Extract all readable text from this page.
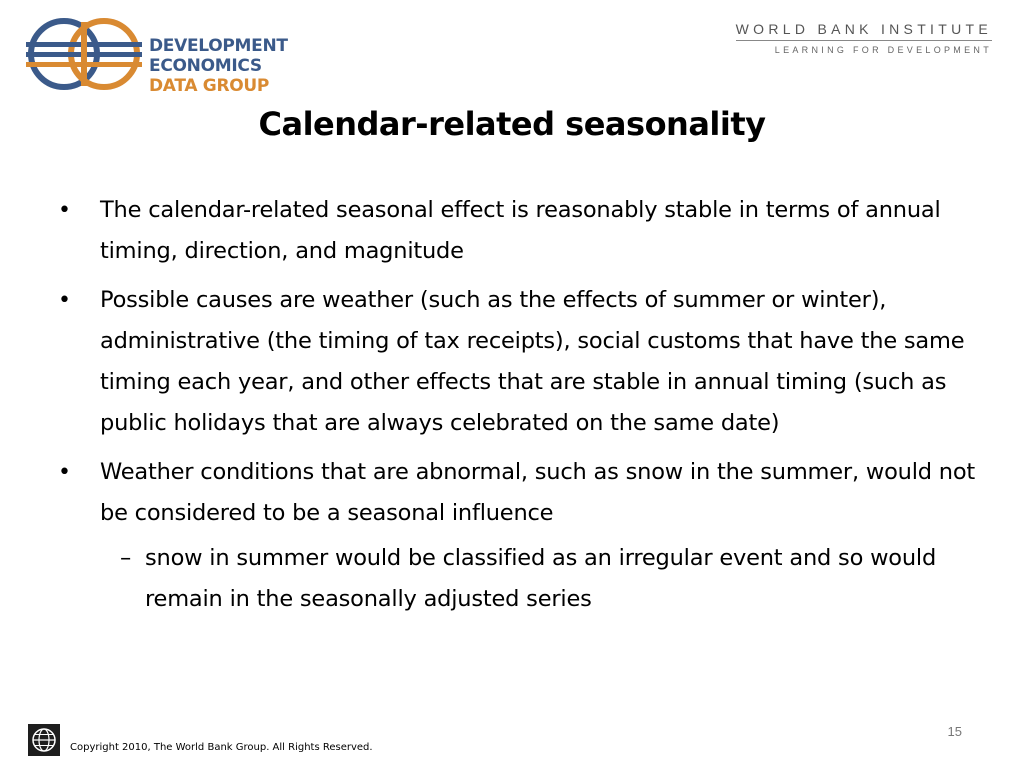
DEVELOPMENT ECONOMICS
DATA GROUP
WORLD BANK INSTITUTE
LEARNING FOR DEVELOPMENT
Calendar-related seasonality
• The calendar-related seasonal effect is reasonably stable in terms of annual timing, direction, and magnitude
• Possible causes are weather (such as the effects of summer or winter), administrative (the timing of tax receipts), social customs that have the same timing each year, and other effects that are stable in annual timing (such as public holidays that are always celebrated on the same date)
• Weather conditions that are abnormal, such as snow in the summer, would not be considered to be a seasonal influence
– snow in summer would be classified as an irregular event and so would remain in the seasonally adjusted series
15
Copyright 2010, The World Bank Group. All Rights Reserved.
